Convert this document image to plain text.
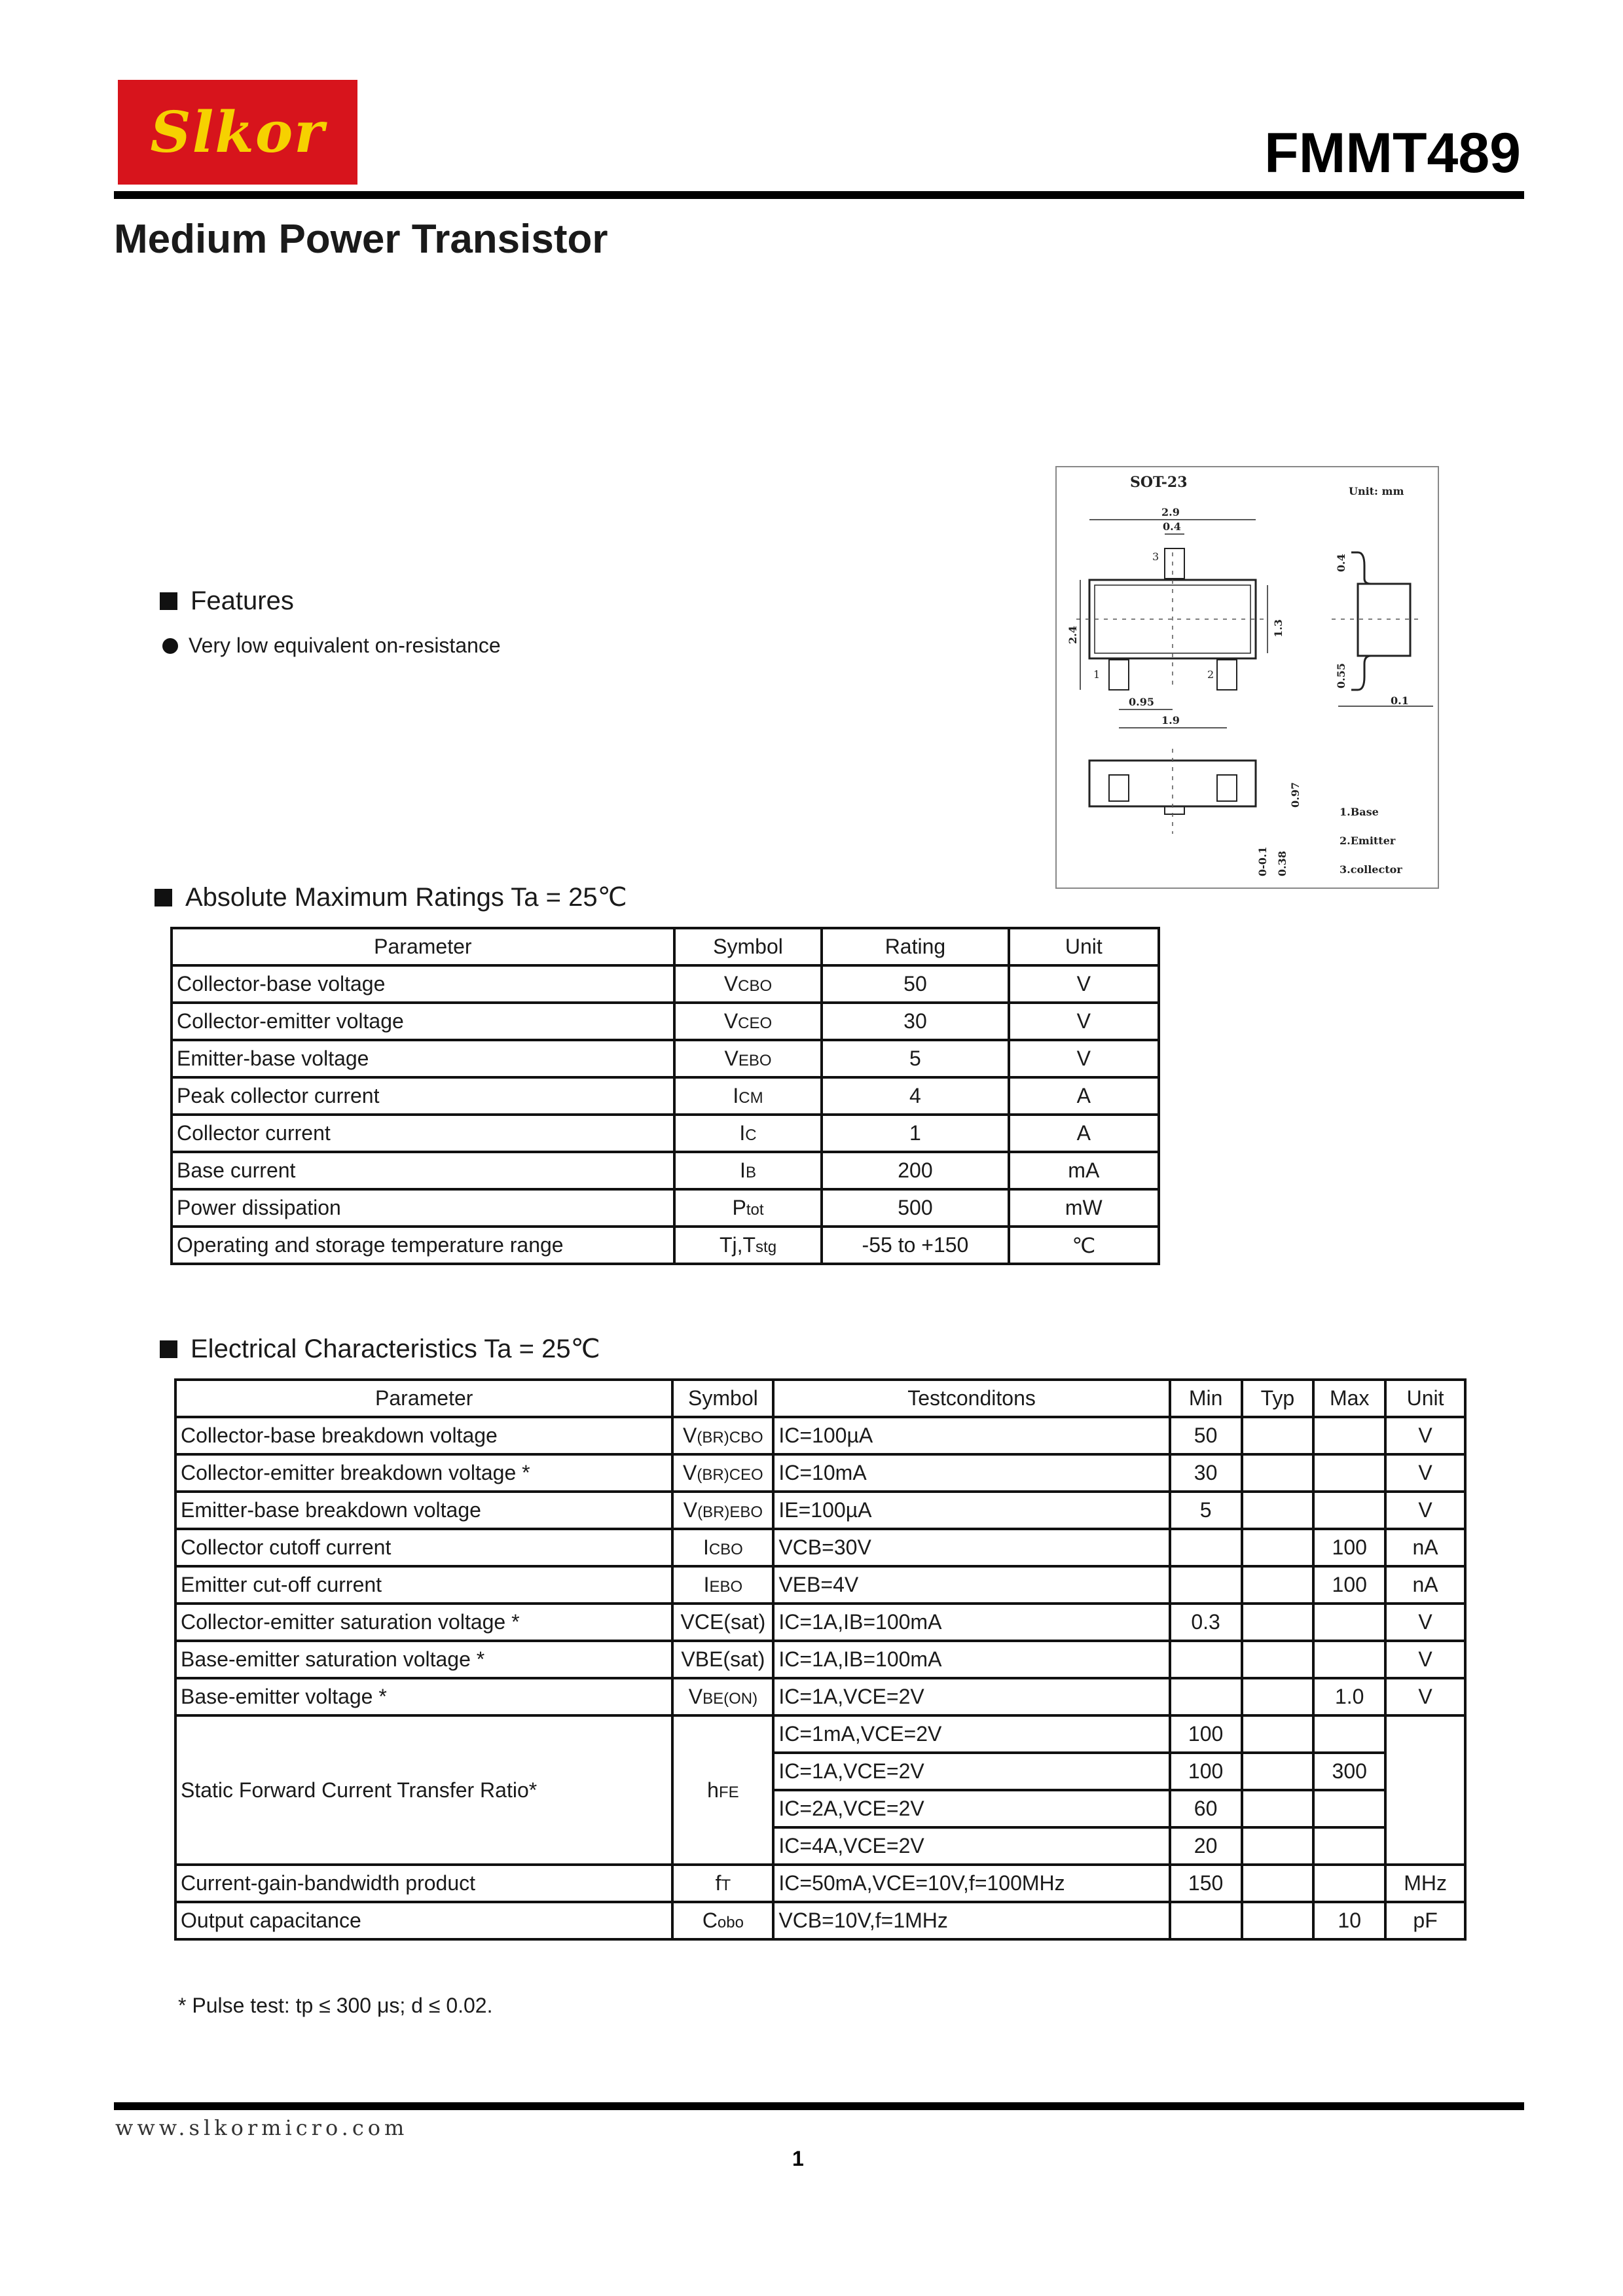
Slkor	FMMT489
Medium Power Transistor
SOT-23
Unit: mm
3
1	2
2.9
0.4
2.4	1.3
0.95
1.9
0.4
0.55
0.1
0.97
0-0.1 0.38
1.Base
2.Emitter
3.collector
Features
Very low equivalent on-resistance
Absolute Maximum Ratings Ta = 25℃
Parameter	Symbol	Rating	Unit
Collector-base voltage	VCBO	50	V
Collector-emitter voltage	VCEO	30	V
Emitter-base voltage	VEBO	5	V
Peak collector current	ICM	4	A
Collector current	IC	1	A
Base current	IB	200	mA
Power dissipation	Ptot	500	mW
Operating and storage temperature range	Tj,Tstg	-55 to +150	℃
Electrical Characteristics Ta = 25℃
Parameter	Symbol	Testconditons	Min	Typ	Max	Unit
Collector-base breakdown voltage	V(BR)CBO	IC=100µA	50			V
Collector-emitter breakdown voltage *	V(BR)CEO	IC=10mA	30			V
Emitter-base breakdown voltage	V(BR)EBO	IE=100µA	5			V
Collector cutoff current	ICBO	VCB=30V			100	nA
Emitter cut-off current	IEBO	VEB=4V			100	nA
Collector-emitter saturation voltage *	VCE(sat)	IC=1A,IB=100mA	0.3			V
Base-emitter saturation voltage *	VBE(sat)	IC=1A,IB=100mA				V
Base-emitter voltage *	VBE(ON)	IC=1A,VCE=2V			1.0	V
Static Forward Current Transfer Ratio*	hFE	IC=1mA,VCE=2V	100			
		IC=1A,VCE=2V	100		300	
		IC=2A,VCE=2V	60			
		IC=4A,VCE=2V	20			
Current-gain-bandwidth product	fT	IC=50mA,VCE=10V,f=100MHz	150			MHz
Output capacitance	Cobo	VCB=10V,f=1MHz			10	pF
* Pulse test: tp ≤ 300 μs; d ≤ 0.02.
www.slkormicro.com
1
